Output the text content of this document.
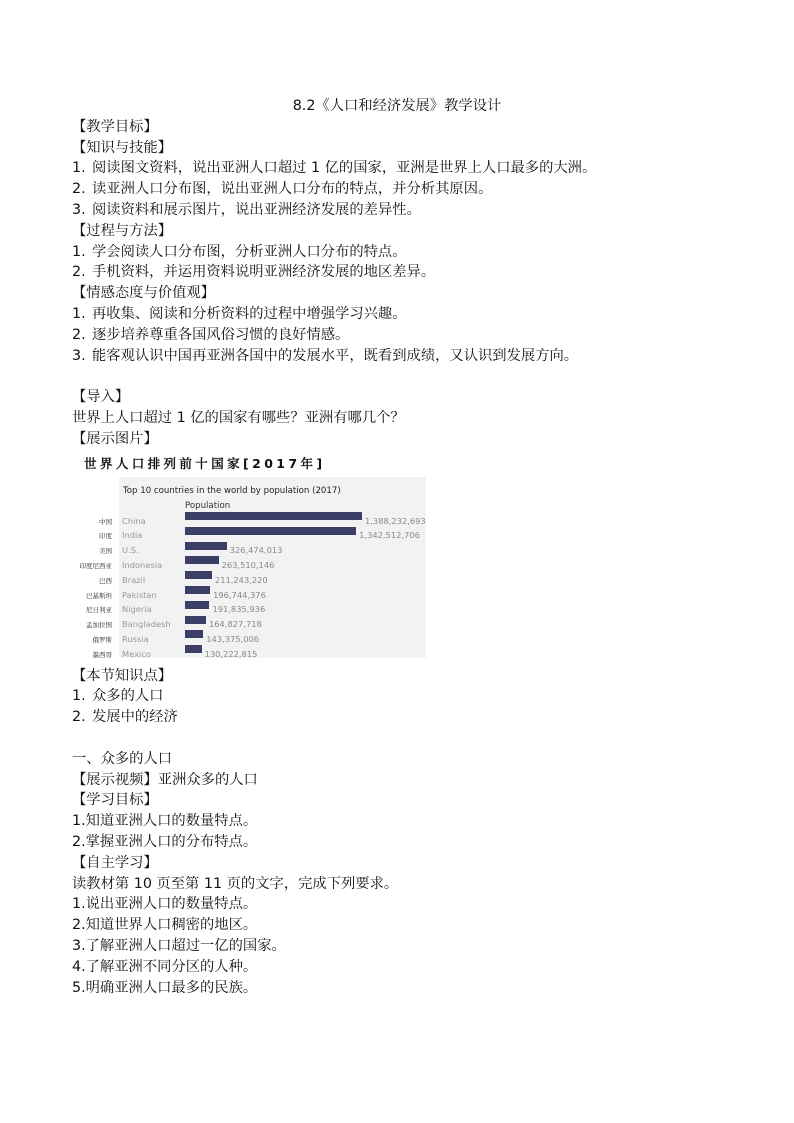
8.2《人口和经济发展》教学设计
【教学目标】
【知识与技能】
1. 阅读图文资料，说出亚洲人口超过 1 亿的国家，亚洲是世界上人口最多的大洲。
2. 读亚洲人口分布图，说出亚洲人口分布的特点，并分析其原因。
3. 阅读资料和展示图片，说出亚洲经济发展的差异性。
【过程与方法】
1. 学会阅读人口分布图，分析亚洲人口分布的特点。
2. 手机资料，并运用资料说明亚洲经济发展的地区差异。
【情感态度与价值观】
1. 再收集、阅读和分析资料的过程中增强学习兴趣。
2. 逐步培养尊重各国风俗习惯的良好情感。
3. 能客观认识中国再亚洲各国中的发展水平，既看到成绩，又认识到发展方向。
【导入】
世界上人口超过 1 亿的国家有哪些？亚洲有哪几个？
【展示图片】
世界人口排列前十国家[2017年]
Top 10 countries in the world by population (2017)
Population
中国 China	1,388,232,693
印度 India	1,342,512,706
美国 U.S.	326,474,013
印度尼西亚 Indonesia	263,510,146
巴西 Brazil	211,243,220
巴基斯坦 Pakistan	196,744,376
尼日利亚 Nigeria	191,835,936
孟加拉国 Bangladesh	164,827,718
俄罗斯 Russia	143,375,006
墨西哥 Mexico	130,222,815
【本节知识点】
1. 众多的人口
2. 发展中的经济
一、众多的人口
【展示视频】亚洲众多的人口
【学习目标】
1.知道亚洲人口的数量特点。
2.掌握亚洲人口的分布特点。
【自主学习】
读教材第 10 页至第 11 页的文字，完成下列要求。
1.说出亚洲人口的数量特点。
2.知道世界人口稠密的地区。
3.了解亚洲人口超过一亿的国家。
4.了解亚洲不同分区的人种。
5.明确亚洲人口最多的民族。
